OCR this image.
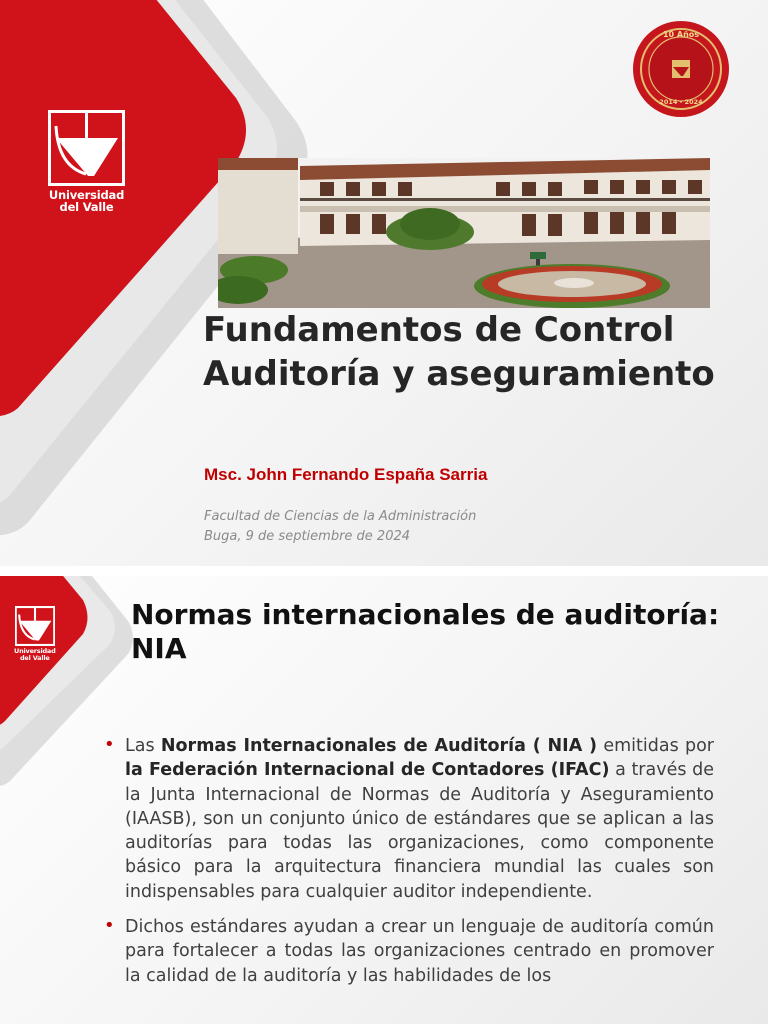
Universidad
del Valle
10 Años
2014 - 2024
Fundamentos de Control Auditoría y aseguramiento

Msc. John Fernando España Sarria

Facultad de Ciencias de la Administración
Buga, 9 de septiembre de 2024
Universidad
del Valle
Normas internacionales de auditoría: NIA
• Las Normas Internacionales de Auditoría ( NIA ) emitidas por la Federación Internacional de Contadores (IFAC) a través de la Junta Internacional de Normas de Auditoría y Aseguramiento (IAASB), son un conjunto único de estándares que se aplican a las auditorías para todas las organizaciones, como componente básico para la arquitectura financiera mundial las cuales son indispensables para cualquier auditor independiente.
• Dichos estándares ayudan a crear un lenguaje de auditoría común para fortalecer a todas las organizaciones centrado en promover la calidad de la auditoría y las habilidades de los
